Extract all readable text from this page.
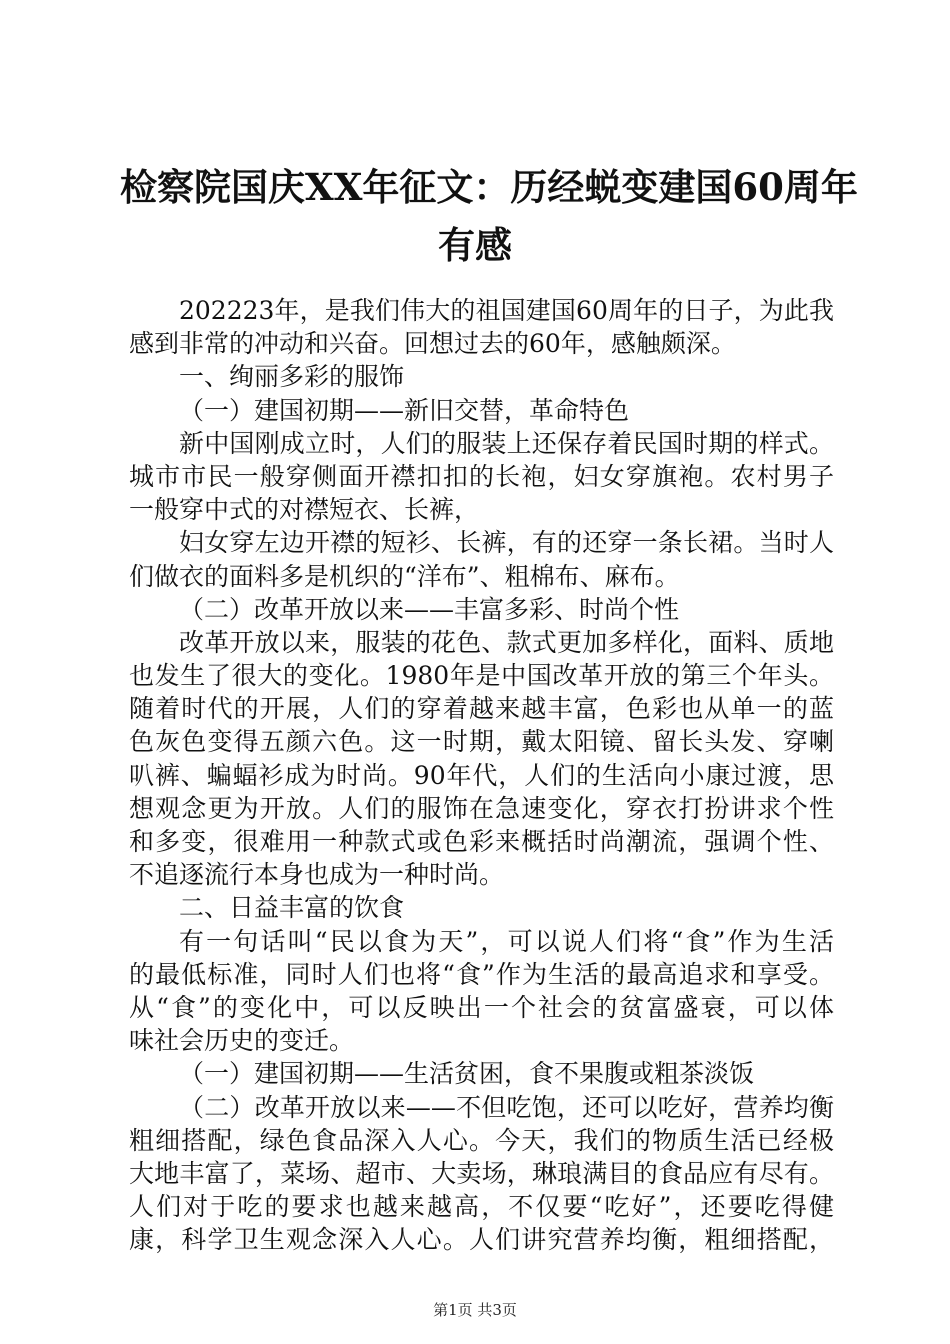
检察院国庆XX年征文：历经蜕变建国60周年
有感
202223年，是我们伟大的祖国建国60周年的日子，为此我
感到非常的冲动和兴奋。回想过去的60年，感触颇深。
一、绚丽多彩的服饰
（一）建国初期——新旧交替，革命特色
新中国刚成立时，人们的服装上还保存着民国时期的样式。
城市市民一般穿侧面开襟扣扣的长袍，妇女穿旗袍。农村男子
一般穿中式的对襟短衣、长裤，
妇女穿左边开襟的短衫、长裤，有的还穿一条长裙。当时人
们做衣的面料多是机织的“洋布”、粗棉布、麻布。
（二）改革开放以来——丰富多彩、时尚个性
改革开放以来，服装的花色、款式更加多样化，面料、质地
也发生了很大的变化。1980年是中国改革开放的第三个年头。
随着时代的开展，人们的穿着越来越丰富，色彩也从单一的蓝
色灰色变得五颜六色。这一时期，戴太阳镜、留长头发、穿喇
叭裤、蝙蝠衫成为时尚。90年代，人们的生活向小康过渡，思
想观念更为开放。人们的服饰在急速变化，穿衣打扮讲求个性
和多变，很难用一种款式或色彩来概括时尚潮流，强调个性、
不追逐流行本身也成为一种时尚。
二、日益丰富的饮食
有一句话叫“民以食为天”，可以说人们将“食”作为生活
的最低标准，同时人们也将“食”作为生活的最高追求和享受。
从“食”的变化中，可以反映出一个社会的贫富盛衰，可以体
味社会历史的变迁。
（一）建国初期——生活贫困，食不果腹或粗茶淡饭
（二）改革开放以来——不但吃饱，还可以吃好，营养均衡
粗细搭配，绿色食品深入人心。今天，我们的物质生活已经极
大地丰富了，菜场、超市、大卖场，琳琅满目的食品应有尽有。
人们对于吃的要求也越来越高，不仅要“吃好”，还要吃得健
康，科学卫生观念深入人心。人们讲究营养均衡，粗细搭配，
第1页 共3页
